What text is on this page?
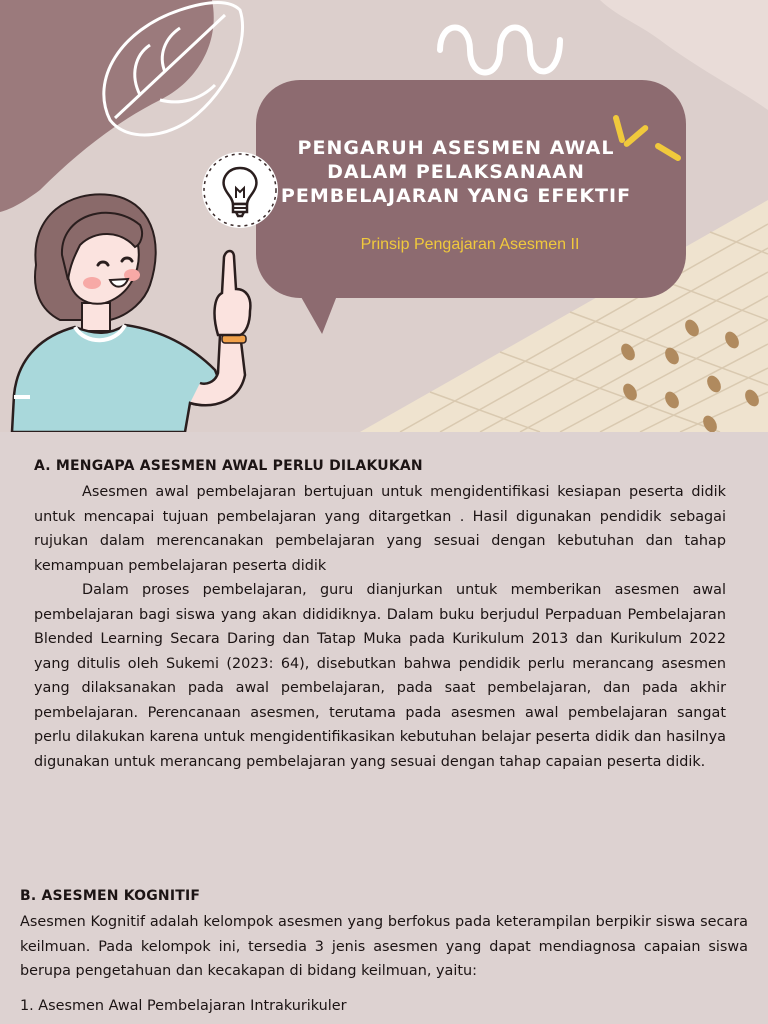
PENGARUH ASESMEN AWAL
DALAM PELAKSANAAN
PEMBELAJARAN YANG EFEKTIF

Prinsip Pengajaran Asesmen II

A. MENGAPA ASESMEN AWAL PERLU DILAKUKAN

Asesmen awal pembelajaran bertujuan untuk mengidentifikasi kesiapan peserta didik untuk mencapai tujuan pembelajaran yang ditargetkan . Hasil digunakan pendidik sebagai rujukan dalam merencanakan pembelajaran yang sesuai dengan kebutuhan dan tahap kemampuan pembelajaran peserta didik

Dalam proses pembelajaran, guru dianjurkan untuk memberikan asesmen awal pembelajaran bagi siswa yang akan dididiknya. Dalam buku berjudul Perpaduan Pembelajaran Blended Learning Secara Daring dan Tatap Muka pada Kurikulum 2013 dan Kurikulum 2022 yang ditulis oleh Sukemi (2023: 64), disebutkan bahwa pendidik perlu merancang asesmen yang dilaksanakan pada awal pembelajaran, pada saat pembelajaran, dan pada akhir pembelajaran. Perencanaan asesmen, terutama pada asesmen awal pembelajaran sangat perlu dilakukan karena untuk mengidentifikasikan kebutuhan belajar peserta didik dan hasilnya digunakan untuk merancang pembelajaran yang sesuai dengan tahap capaian peserta didik.

B. ASESMEN KOGNITIF

Asesmen Kognitif adalah kelompok asesmen yang berfokus pada keterampilan berpikir siswa secara keilmuan. Pada kelompok ini, tersedia 3 jenis asesmen yang dapat mendiagnosa capaian siswa berupa pengetahuan dan kecakapan di bidang keilmuan, yaitu:

1. Asesmen Awal Pembelajaran Intrakurikuler
